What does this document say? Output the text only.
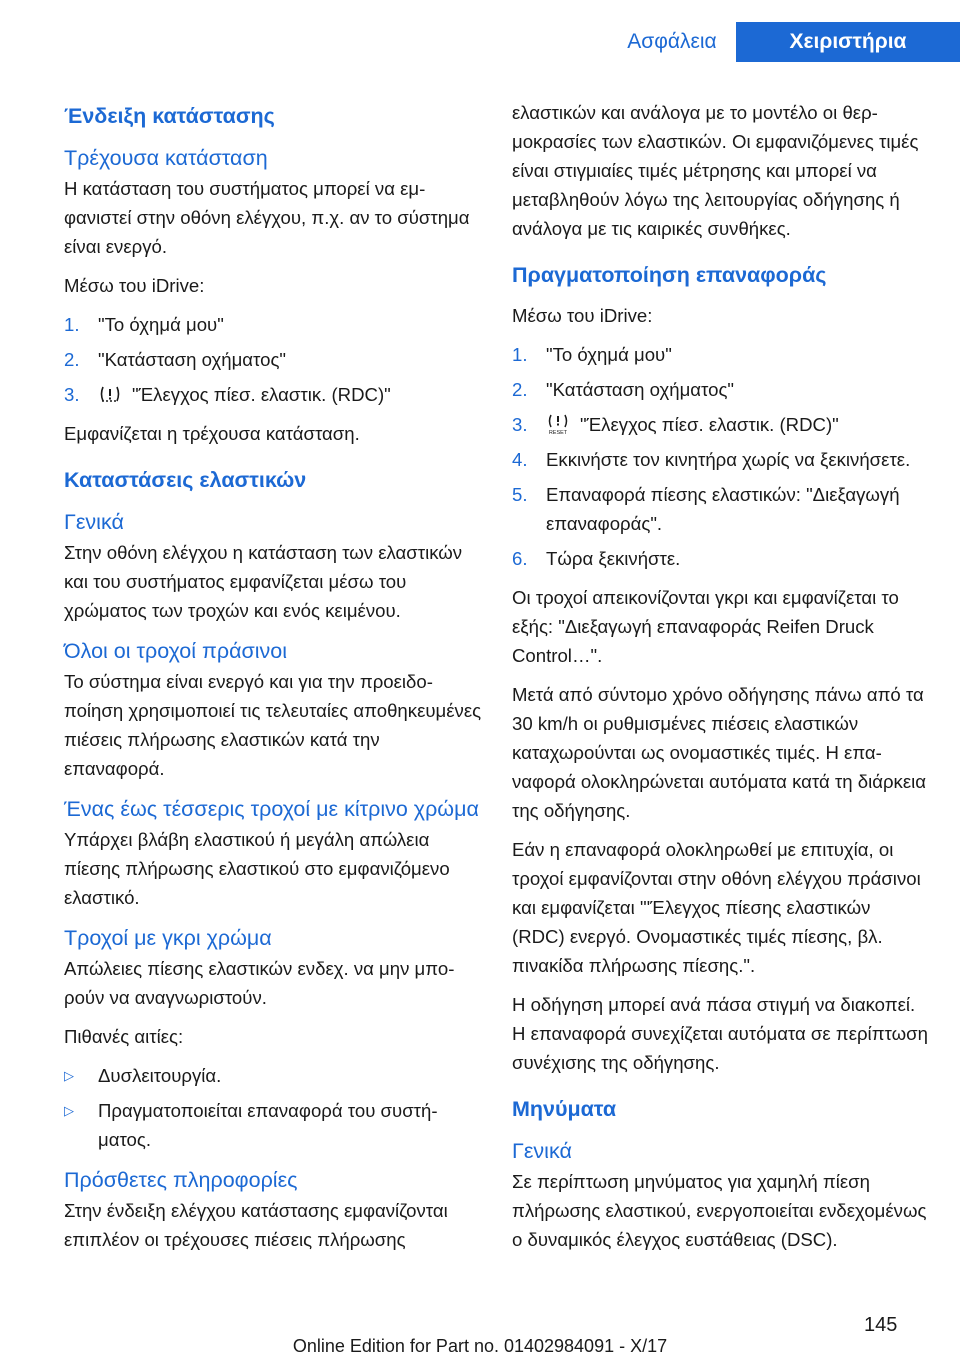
Ασφάλεια	Χειριστήρια
Ένδειξη κατάστασης
Τρέχουσα κατάσταση

Η κατάσταση του συστήματος μπορεί να εμφανιστεί στην οθόνη ελέγχου, π.χ. αν το σύστημα είναι ενεργό.

Μέσω του iDrive:

1. "Το όχημά μου"
2. "Κατάσταση οχήματος"
3.	"Έλεγχος πίεσ. ελαστικ. (RDC)"

Εμφανίζεται η τρέχουσα κατάσταση.

Καταστάσεις ελαστικών
Γενικά

Στην οθόνη ελέγχου η κατάσταση των ελαστικών και του συστήματος εμφανίζεται μέσω του χρώματος των τροχών και ενός κειμένου.

Όλοι οι τροχοί πράσινοι

Το σύστημα είναι ενεργό και για την προειδοποίηση χρησιμοποιεί τις τελευταίες αποθηκευμένες πιέσεις πλήρωσης ελαστικών κατά την επαναφορά.

Ένας έως τέσσερις τροχοί με κίτρινο χρώμα

Υπάρχει βλάβη ελαστικού ή μεγάλη απώλεια πίεσης πλήρωσης ελαστικού στο εμφανιζόμενο ελαστικό.

Τροχοί με γκρι χρώμα

Απώλειες πίεσης ελαστικών ενδεχ. να μην μπορούν να αναγνωριστούν.

Πιθανές αιτίες:

▷	Δυσλειτουργία.
▷	Πραγματοποιείται επαναφορά του συστήματος.
Πρόσθετες πληροφορίες

Στην ένδειξη ελέγχου κατάστασης εμφανίζονται επιπλέον οι τρέχουσες πιέσεις πλήρωσης

ελαστικών και ανάλογα με το μοντέλο οι θερμοκρασίες των ελαστικών. Οι εμφανιζόμενες τιμές είναι στιγμιαίες τιμές μέτρησης και μπορεί να μεταβληθούν λόγω της λειτουργίας οδήγησης ή ανάλογα με τις καιρικές συνθήκες.

Πραγματοποίηση επαναφοράς

Μέσω του iDrive:

1. "Το όχημά μου"
2. "Κατάσταση οχήματος"
3.	RESET "Έλεγχος πίεσ. ελαστικ. (RDC)"
4. Εκκινήστε τον κινητήρα χωρίς να ξεκινήσετε.
5. Επαναφορά πίεσης ελαστικών: "Διεξαγωγή επαναφοράς".
6. Τώρα ξεκινήστε.

Οι τροχοί απεικονίζονται γκρι και εμφανίζεται το εξής: "Διεξαγωγή επαναφοράς Reifen Druck Control…".

Μετά από σύντομο χρόνο οδήγησης πάνω από τα 30 km/h οι ρυθμισμένες πιέσεις ελαστικών καταχωρούνται ως ονομαστικές τιμές. Η επαναφορά ολοκληρώνεται αυτόματα κατά τη διάρκεια της οδήγησης.

Εάν η επαναφορά ολοκληρωθεί με επιτυχία, οι τροχοί εμφανίζονται στην οθόνη ελέγχου πράσινοι και εμφανίζεται "'Έλεγχος πίεσης ελαστικών (RDC) ενεργό. Ονομαστικές τιμές πίεσης, βλ. πινακίδα πλήρωσης πίεσης.".

Η οδήγηση μπορεί ανά πάσα στιγμή να διακοπεί. Η επαναφορά συνεχίζεται αυτόματα σε περίπτωση συνέχισης της οδήγησης.

Μηνύματα
Γενικά

Σε περίπτωση μηνύματος για χαμηλή πίεση πλήρωσης ελαστικού, ενεργοποιείται ενδεχομένως ο δυναμικός έλεγχος ευστάθειας (DSC).

145
Online Edition for Part no. 01402984091 - X/17
